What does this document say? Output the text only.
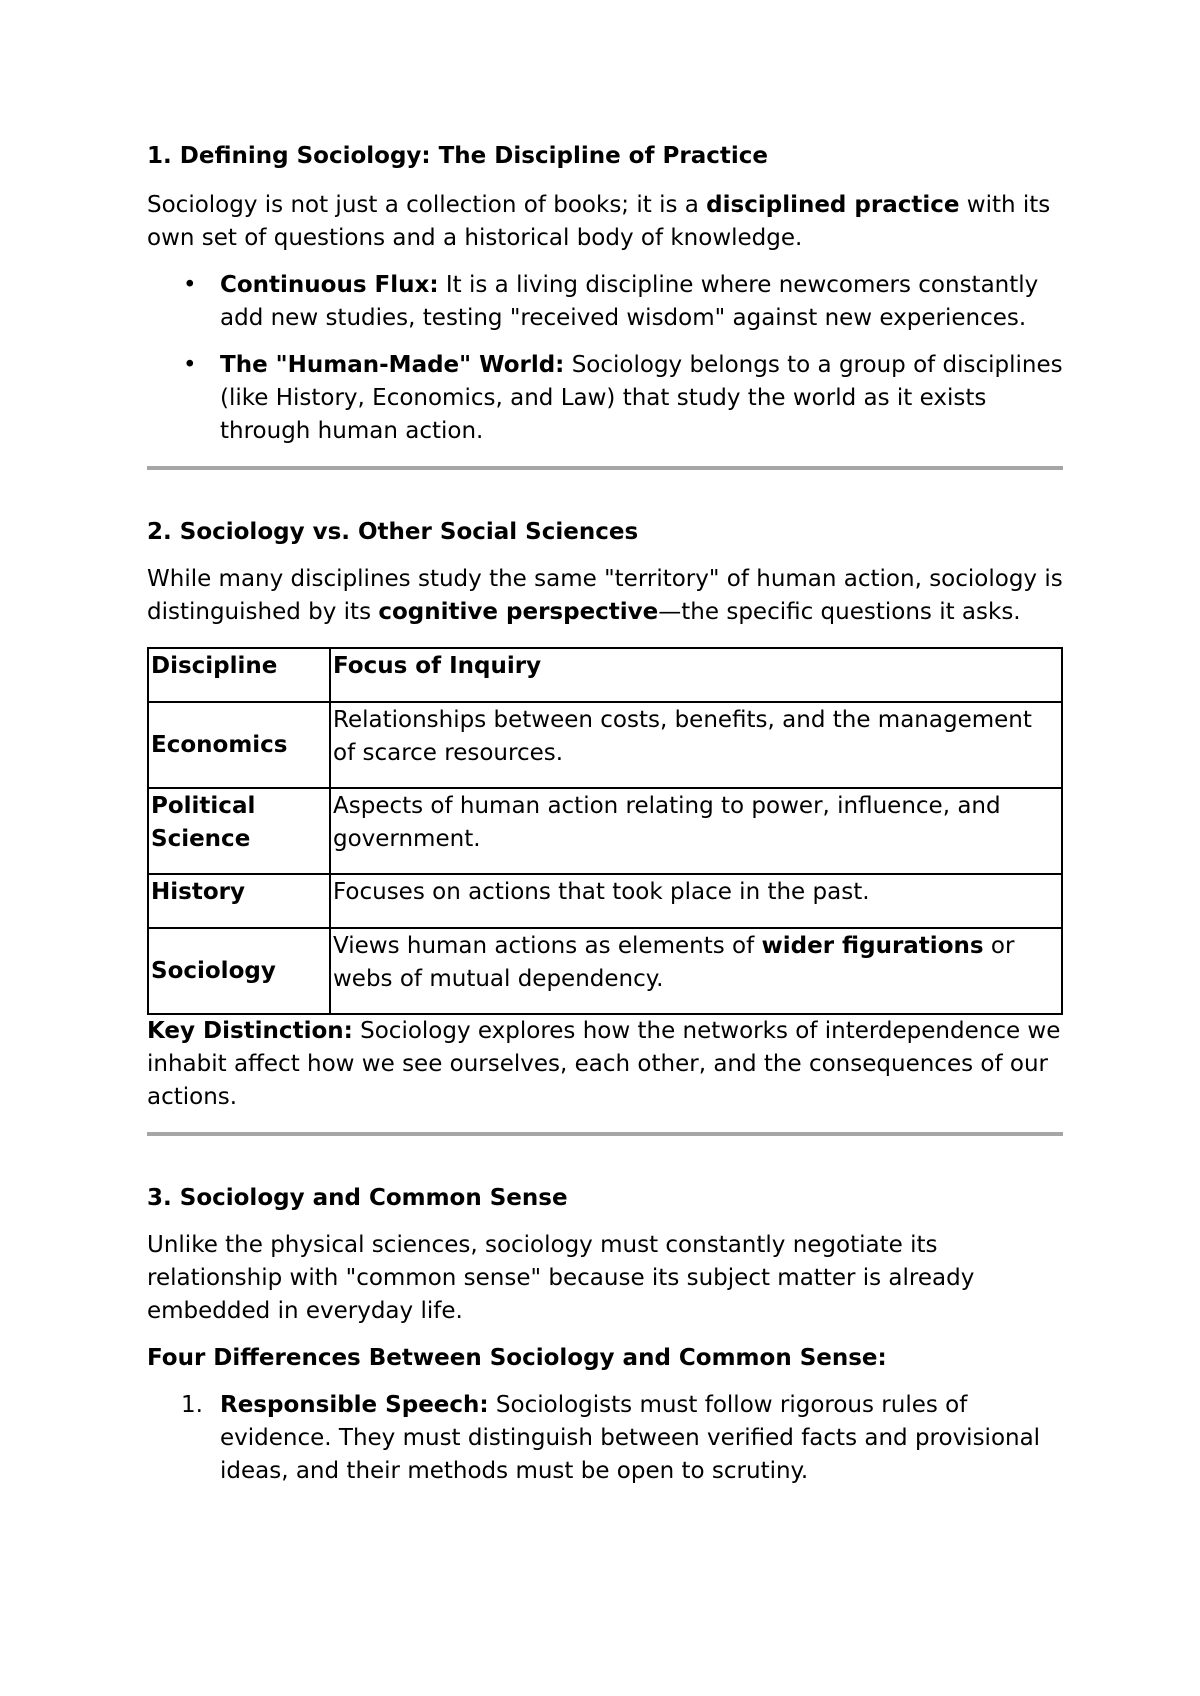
1. Defining Sociology: The Discipline of Practice

Sociology is not just a collection of books; it is a disciplined practice with its own set of questions and a historical body of knowledge.

• Continuous Flux: It is a living discipline where newcomers constantly add new studies, testing "received wisdom" against new experiences.
• The "Human-Made" World: Sociology belongs to a group of disciplines (like History, Economics, and Law) that study the world as it exists through human action.
2. Sociology vs. Other Social Sciences

While many disciplines study the same "territory" of human action, sociology is distinguished by its cognitive perspective—the specific questions it asks.

Discipline	Focus of Inquiry
Economics	Relationships between costs, benefits, and the management of scarce resources.
Political Science	Aspects of human action relating to power, influence, and government.
History	Focuses on actions that took place in the past.
Sociology	Views human actions as elements of wider figurations or webs of mutual dependency.

Key Distinction: Sociology explores how the networks of interdependence we inhabit affect how we see ourselves, each other, and the consequences of our actions.

3. Sociology and Common Sense

Unlike the physical sciences, sociology must constantly negotiate its relationship with "common sense" because its subject matter is already embedded in everyday life.

Four Differences Between Sociology and Common Sense:

1. Responsible Speech: Sociologists must follow rigorous rules of evidence. They must distinguish between verified facts and provisional ideas, and their methods must be open to scrutiny.
